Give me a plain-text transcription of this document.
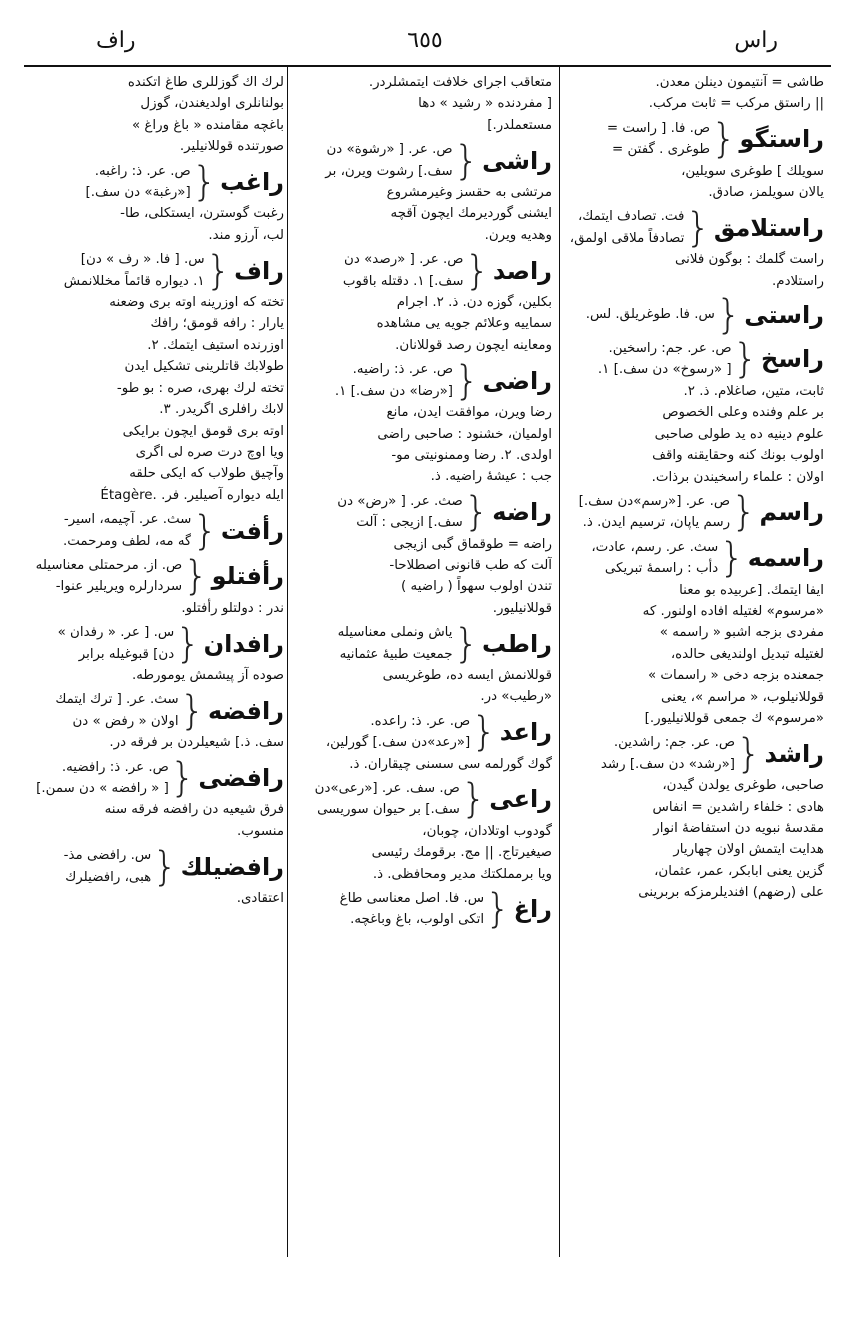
راف	٦٥٥	راس
طاشی = آنتیمون دینلن معدن.
|| راستق مرکب = ثابت مرکب.
راستگو
{
ص. فا. [ راست =
طوغری . گفتن =
سویلك ] طوغری سویلین،
یالان سویلمز، صادق.
راستلامق
{
فت. تصادف ایتمك،
تصادفاً ملاقی اولمق،
راست گلمك : بوگون فلانی
راستلادم.
راستی
{
س. فا. طوغریلق. لس.
راسخ
{
ص. عر. جم: راسخین.
[ «رسوخ» دن سف.] ۱.
ثابت، متین، صاغلام. ذ. ۲.
بر علم وفنده وعلی الخصوص
علوم دینیه ده ید طولی صاحبی
اولوب بونك کنه وحقایقنه واقف
اولان : علماء راسخیندن برذات.
راسم
{
ص. عر. [«رسم»دن سف.]
رسم یاپان، ترسیم ایدن. ذ.
راسمه
{
سث. عر. رسم، عادت،
دأب : راسمهٔ تبریکی
ایفا ایتمك. [عربیده بو معنا
«مرسوم» لغتیله افاده اولنور. که
مفردی بزجه اشبو « راسمه »
لغتیله تبدیل اولندیغی حالده،
جمعنده بزجه دخی « راسمات »
قوللانیلوب، « مراسم »، یعنی
«مرسوم» ك جمعی قوللانیلیور.]
راشد
{
ص. عر. جم: راشدین.
[«رشد» دن سف.] رشد
صاحبی، طوغری یولدن گیدن،
هادی : خلفاء راشدین = انفاس
مقدسهٔ نبویه دن استفاضهٔ انوار
هدایت ایتمش اولان چهاریار
گزین یعنی ابابکر، عمر، عثمان،
علی (رضهم) افندیلرمزکه بربرینی
متعاقب اجرای خلافت ایتمشلردر.
[ مفردنده « رشید » دها
مستعملدر.]
راشی
{
ص. عر. [ «رشوة» دن
سف.] رشوت ویرن، بر
مرتشی به حقسز وغیرمشروع
ایشنی گوردیرمك ایچون آقچه
وهدیه ویرن.
راصد
{
ص. عر. [ «رصد» دن
سف.] ۱. دقتله باقوب
بکلین، گوزه دن. ذ. ۲. اجرام
سماییه وعلائم جویه یی مشاهده
ومعاینه ایچون رصد قوللانان.
راضی
{
ص. عر. ذ: راضیه.
[«رضا» دن سف.] ۱.
رضا ویرن، موافقت ایدن، مانع
اولمیان، خشنود : صاحبی راضی
اولدی. ۲. رضا وممنونیتی مو-
جب : عیشهٔ راضیه. ذ.
راضه
{
صث. عر. [ «رض» دن
سف.] ازیجی : آلت
راضه = طوقماق گبی ازیجی
آلت که طب قانونی اصطلاحا-
تندن اولوب سهواً ( راضیه )
قوللانیلیور.
راطب
{
یاش ونملی معناسیله
جمعیت طبیهٔ عثمانیه
قوللانمش ایسه ده، طوغریسی
«رطیب» در.
راعد
{
ص. عر. ذ: راعده.
[«رعد»دن سف.] گورلین،
گوك گورلمه سی سسنی چیقاران. ذ.
راعی
{
ص. سف. عر. [«رعی»دن
سف.] بر حیوان سوریسی
گودوب اوتلادان، چوبان،
صیغیرتاج. || مج. برقومك رئیسی
ویا برمملکتك مدیر ومحافظی. ذ.
راغ
{
س. فا. اصل معناسی طاغ
اتکی اولوب، باغ وباغچه.
لرك اك گوزللری طاغ اتکنده
بولنانلری اولدیغندن، گوزل
باغچه مقامنده « باغ وراغ »
صورتنده قوللانیلیر.
راغب
{
ص. عر. ذ: راغبه.
[«رغبة» دن سف.]
رغبت گوسترن، ایستکلی، طا-
لب، آرزو مند.
راف
{
س. [ فا. « رف » دن]
۱. دیواره قائماً مخللانمش
تخته که اوزرینه اوته بری وضعنه
یارار : رافه قومق؛ رافك
اوزرنده استیف ایتمك. ۲.
طولابك قاتلرینی تشکیل ایدن
تخته لرك بهری، صره : بو طو-
لابك رافلری اگریدر. ۳.
اوته بری قومق ایچون برایکی
ویا اوچ درت صره لی اگری
وآچیق طولاب که ایکی حلقه
ایله دیواره آصیلیر. فر. Étagère.
رأفت
{
سث. عر. آچیمه، اسیر-
گه مه، لطف ومرحمت.
رأفتلو
{
ص. از. مرحمتلی معناسیله
سردارلره ویریلیر عنوا-
ندر : دولتلو رأفتلو.
رافدان
{
س. [ عر. « رفدان »
دن] قبوغیله برابر
صوده آز پیشمش یومورطه.
رافضه
{
سث. عر. [ ترك ایتمك
اولان « رفض » دن
سف. ذ.] شیعیلردن بر فرقه در.
رافضی
{
ص. عر. ذ: رافضیه.
[ « رافضه » دن سمن.]
فرق شیعیه دن رافضه فرقه سنه
منسوب.
رافضیلك
{
س. رافضی مذ-
هبی، رافضیلرك
اعتقادی.
